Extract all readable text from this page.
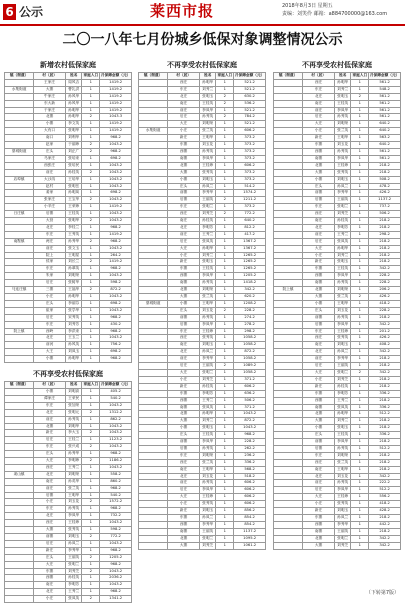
6 公示	莱西市报	2018年8月3日 星期五
责编：刘笑伶 邮箱：a884700000@163.com
二〇一八年七月份城乡低保对象调整情况公示
新增农村低保家庭
镇（街道）	村（居）	姓名	家庭人口	月保障金额（元）
	王家庄	周风吉	1	1419.2
水集街道	大寨	曹礼洪	1	1419.2
	牛家庄	孙风华	1	1419.2
	东大新	孙风华	1	1419.2
	于家庄	孙明华	1	1419.2
	北寨	孙明华	2	1043.3
	小寨	李文英	1	1419.2
	大有口	张明华	1	1419.2
	南口	刘利华	1	968.2
	赵家	于丽珍	2	1043.2
望城街道	庄头	刘正广	2	968.2
	马家庄	张培来	1	698.2
	西张庄	张培民	1	1043.2
	前庄	孙桂英	2	1043.2
店埠镇	大沙沟	王培华	1	1043.2
	赵村	张明岳	1	1043.2
	姜家	孙明凤	1	698.2
	张家庄	王宝华	2	1043.2
	小辛庄	王荣珍	1	1419.2
日庄镇	后寨	王桂英	1	1043.2
	大营	张明华	2	1043.2
	北庄	李桂兰	1	968.2
	东庄	王秀英	1	1419.2
南墅镇	两庄	孙秀华	2	968.2
	前庄	张文玉	1	1043.2
	院上	王明星	1	264.2
	侯家	刘长兰	2	1419.2
	东庄	孙翠英	1	968.2
	朱家	刘明荣	1	1043.2
	后庄	张树华	1	598.2
马连庄镇	三寨	王福华	2	872.2
	小庄	孙明华	1	1043.2
	庄头	李丽芬	1	698.2
	崔家	张学华	1	1043.2
	后庄	宋秀英	1	968.2
	东庄	刘秀芳	1	430.2
院上镇	西岭	李洪来	1	968.2
	北庄	王玉兰	1	1043.2
	前河	孙风英	1	756.2
	大王	刘凤玉	1	698.2
	小寨	孙明华	1	968.2
不再享受农村低保家庭
镇（街道）	村（居）	姓名	家庭人口	月保障金额（元）
	小寨	刘明高	1	405.2
	谭家庄	王荣民	1	540.2
	东庄	张加荣	1	1043.2
	北庄	张明元	2	1312.2
	前庄	孙秀英	1	862.2
	北寨	刘明华	1	1043.2
	新庄	李大玉	2	1043.2
	后庄	王桂兰	1	1123.2
	东庄	张兴成	2	1043.2
	庄头	孙秀华	1	968.2
	大庄	李明珍	2	1186.2
	西庄	王秀兰	1	1043.2
姜山镇	北庄	刘明荣	1	558.2
	南庄	孙英华	1	860.2
	前庄	张兰英	1	968.2
	后寨	王明华	1	540.2
	小庄	刘玉花	2	1572.2
	东庄	孙秀英	1	968.2
	北庄	李凤华	1	732.2
	西庄	王桂珍	1	1043.2
	大寨	张秀英	1	598.2
	前寨	刘明玉	2	772.2
	后庄	孙凤兰	1	1043.2
	新庄	李秀华	1	968.2
	庄头	王丽英	2	1205.2
	大庄	张明兰	1	968.2
	东寨	刘秀芝	2	1043.2
	西寨	孙桂英	1	2036.2
	南庄	李明芳	1	1043.2
	北庄	王秀兰	1	968.2
	小庄	张凤英	2	1341.2
不再享受农村低保家庭
镇（街道）	村（居）	姓名	家庭人口	月保障金额（元）
	西庄	孙明华	1	521.2
	东庄	刘秀兰	1	521.2
	北庄	张明玉	2	630.2
	南庄	王桂英	2	536.2
	前庄	李凤华	1	521.2
	后庄	孙秀英	2	784.2
	大庄	刘明荣	1	521.2
水集街道	小庄	张兰英	1	606.2
	新庄	王明华	1	373.2
	东寨	刘玉花	1	373.2
	西寨	孙秀英	1	373.2
	南寨	李凤华	1	373.2
	北寨	王桂珍	1	606.2
	大寨	张秀英	1	373.2
	小寨	刘明玉	1	373.2
	庄头	孙凤兰	1	514.2
	前寨	李秀华	1	1574.2
	后寨	王丽英	2	1211.2
	东庄	张明兰	1	373.2
	西庄	刘秀芝	2	772.2
	南庄	孙桂英	1	640.2
	北庄	李明芳	1	812.2
	前庄	王秀兰	1	417.2
	后庄	张凤英	1	1367.2
	大庄	孙明华	1	1367.2
	小庄	刘秀兰	1	1265.2
	新庄	张明玉	1	1265.2
	东寨	王桂英	1	1265.2
	西寨	李凤华	1	1205.2
	南寨	孙秀英	1	1418.2
	北寨	刘明荣	1	342.2
	大寨	张兰英	1	620.2
望城街道	小寨	王明华	1	1208.2
	庄头	刘玉花	2	228.2
	前寨	孙秀英	1	274.2
	后寨	李凤华	1	278.2
	东庄	王桂珍	1	298.2
	西庄	张秀英	1	1058.2
	南庄	刘明玉	1	1058.2
	北庄	孙凤兰	1	872.2
	前庄	李秀华	1	1058.2
	后庄	王丽英	2	1089.2
	大庄	张明兰	1	1058.2
	小庄	刘秀芝	1	371.2
	新庄	孙桂英	1	606.2
	东寨	李明芳	1	636.2
	西寨	王秀兰	1	506.2
	南寨	张凤英	1	371.2
	北寨	孙明华	1	1043.2
	大寨	刘秀兰	1	872.2
	小寨	张明玉	1	1043.2
	庄头	王桂英	1	968.2
	前寨	李凤华	1	228.2
	后寨	孙秀英	1	262.2
	东庄	刘明荣	1	236.2
	西庄	张兰英	1	336.2
	南庄	王明华	1	568.2
	北庄	刘玉花	1	518.2
	前庄	孙秀英	1	606.2
	后庄	李凤华	1	606.2
	大庄	王桂珍	1	606.2
	小庄	张秀英	1	606.2
	新庄	刘明玉	1	856.2
	东寨	孙凤兰	1	854.2
	西寨	李秀华	1	854.2
	南寨	王丽英	1	1137.2
	北寨	张明兰	1	1095.2
	大寨	刘秀芝	1	1061.2
不再享受农村低保家庭
镇（街道）	村（居）	姓名	家庭人口	月保障金额（元）
	西庄	孙明华	1	561.2
	东庄	刘秀兰	1	548.2
	北庄	张明玉	2	561.2
	南庄	王桂英	1	561.2
	前庄	李凤华	1	561.2
	后庄	孙秀英	1	561.2
	大庄	刘明荣	1	640.2
	小庄	张兰英	1	640.2
	新庄	王明华	1	563.2
	东寨	刘玉花	1	640.2
	西寨	孙秀英	1	561.2
	南寨	李凤华	1	561.2
	北寨	王桂珍	1	218.2
	大寨	张秀英	1	218.2
	小寨	刘明玉	1	508.2
	庄头	孙凤兰	1	478.2
	前寨	李秀华	1	426.2
	后寨	王丽英	1	1137.2
	东庄	张明兰	1	737.2
	西庄	刘秀芝	1	506.2
	南庄	孙桂英	1	218.2
	北庄	李明芳	1	218.2
	前庄	王秀兰	1	298.2
	后庄	张凤英	1	218.2
	大庄	孙明华	1	218.2
	小庄	刘秀兰	1	218.2
	新庄	张明玉	1	218.2
	东寨	王桂英	1	342.2
	西寨	李凤华	1	228.2
	南寨	孙秀英	1	228.2
院上镇	北寨	刘明荣	1	206.2
	大寨	张兰英	2	426.2
	小寨	王明华	1	418.2
	庄头	刘玉花	1	228.2
	前寨	孙秀英	1	218.2
	后寨	李凤华	1	342.2
	东庄	王桂珍	1	201.2
	西庄	张秀英	1	426.2
	南庄	刘明玉	1	408.2
	北庄	孙凤兰	1	342.2
	前庄	李秀华	1	218.2
	后庄	王丽英	1	218.2
	大庄	张明兰	2	342.2
	小庄	刘秀芝	1	218.2
	新庄	孙桂英	1	218.2
	东寨	李明芳	1	336.2
	西寨	王秀兰	1	218.2
	南寨	张凤英	1	336.2
	北寨	孙明华	1	512.2
	大寨	刘秀兰	1	218.2
	小寨	张明玉	1	218.2
	庄头	王桂英	1	336.2
	前寨	李凤华	1	218.2
	后寨	孙秀英	1	512.2
	东庄	刘明荣	1	218.2
	西庄	张兰英	1	218.2
	南庄	王明华	1	218.2
	北庄	刘玉花	1	342.2
	前庄	孙秀英	1	222.2
	后庄	李凤华	1	512.2
	大庄	王桂珍	1	556.2
	小庄	张秀英	1	418.2
	新庄	刘明玉	1	428.2
	东寨	孙凤兰	1	218.2
	西寨	李秀华	1	442.2
	南寨	王丽英	1	218.2
	北寨	张明兰	1	342.2
	大寨	刘秀芝	1	342.2
（下转第7版）
